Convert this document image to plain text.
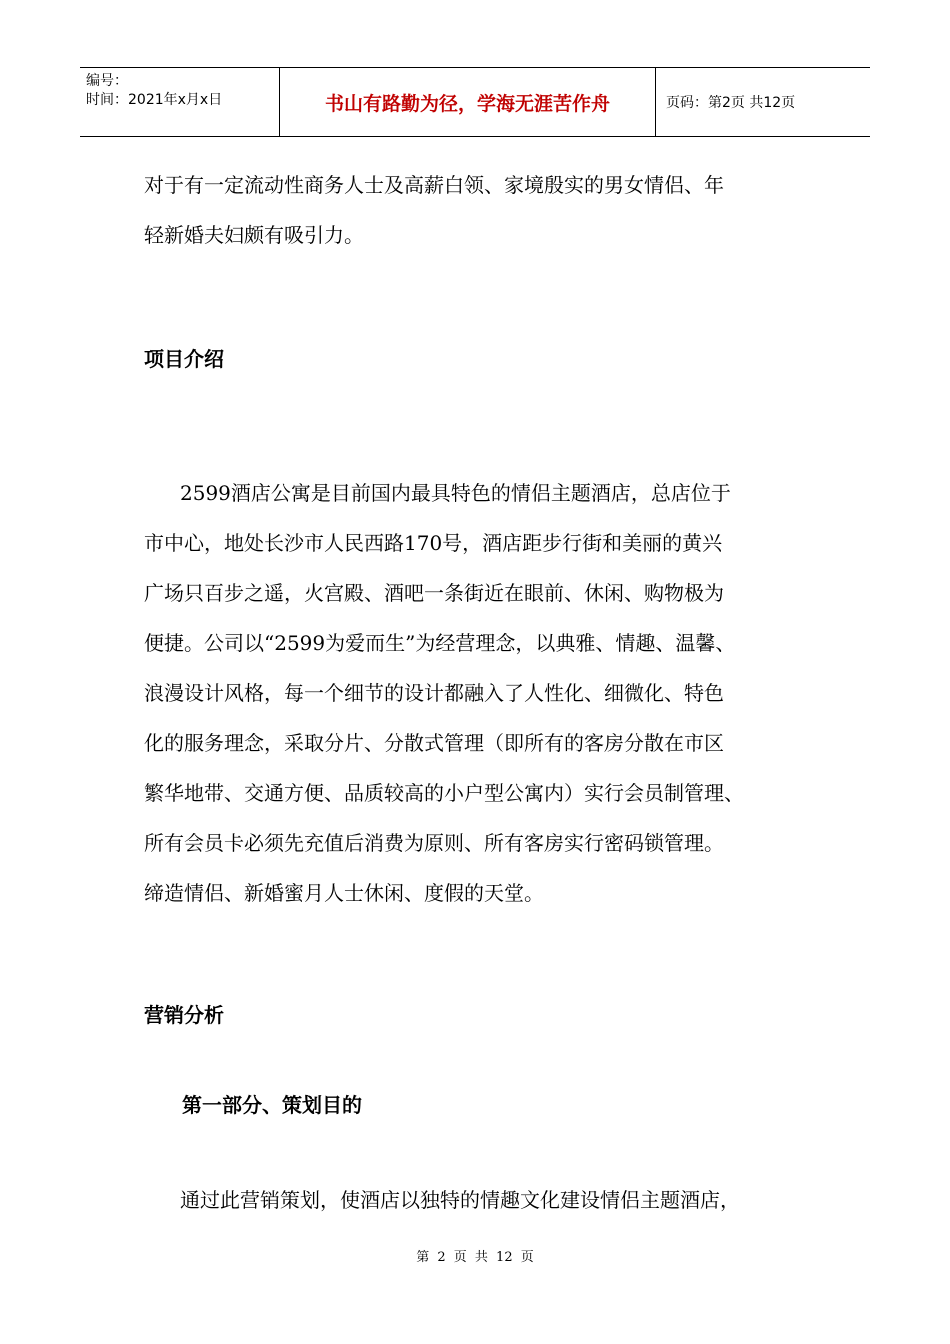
编号：
时间：2021年x月x日	书山有路勤为径，学海无涯苦作舟	页码：第2页 共12页
对于有一定流动性商务人士及高薪白领、家境殷实的男女情侣、年
轻新婚夫妇颇有吸引力。
项目介绍
2599酒店公寓是目前国内最具特色的情侣主题酒店，总店位于
市中心，地处长沙市人民西路170号，酒店距步行街和美丽的黄兴
广场只百步之遥，火宫殿、酒吧一条街近在眼前、休闲、购物极为
便捷。公司以“2599为爱而生”为经营理念，以典雅、情趣、温馨、
浪漫设计风格，每一个细节的设计都融入了人性化、细微化、特色
化的服务理念，采取分片、分散式管理（即所有的客房分散在市区
繁华地带、交通方便、品质较高的小户型公寓内）实行会员制管理、
所有会员卡必须先充值后消费为原则、所有客房实行密码锁管理。
缔造情侣、新婚蜜月人士休闲、度假的天堂。
营销分析
第一部分、策划目的
通过此营销策划，使酒店以独特的情趣文化建设情侣主题酒店，
第 2 页 共 12 页
